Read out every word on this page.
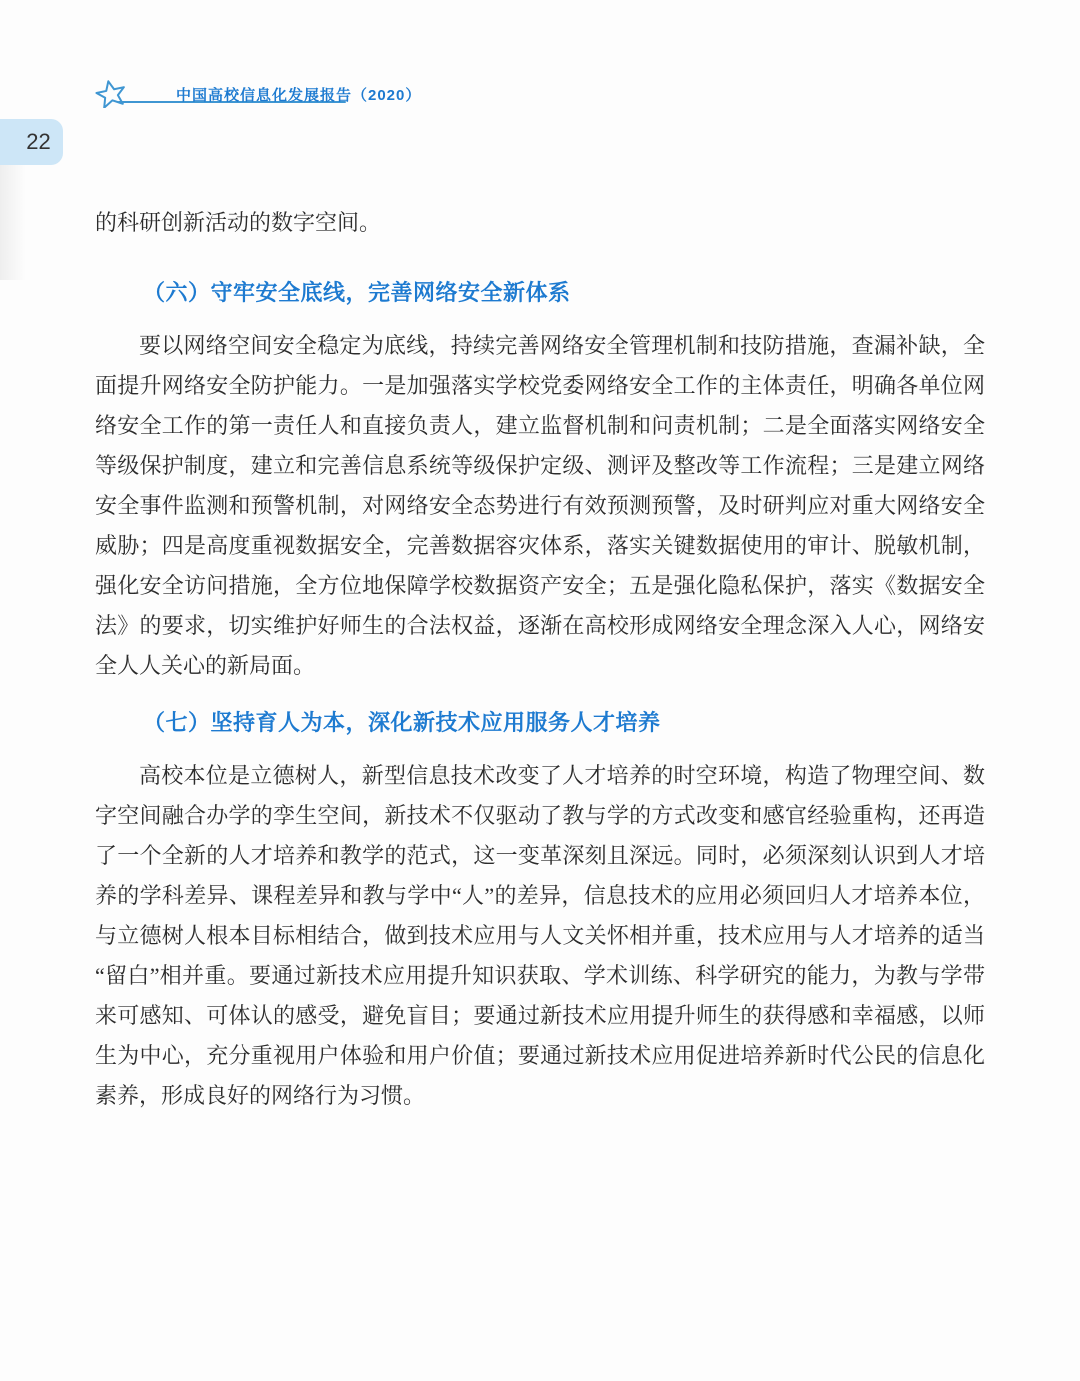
中国高校信息化发展报告（2020）
22

的科研创新活动的数字空间。

（六）守牢安全底线，完善网络安全新体系

要以网络空间安全稳定为底线，持续完善网络安全管理机制和技防措施，查漏补缺，全面提升网络安全防护能力。一是加强落实学校党委网络安全工作的主体责任，明确各单位网络安全工作的第一责任人和直接负责人，建立监督机制和问责机制；二是全面落实网络安全等级保护制度，建立和完善信息系统等级保护定级、测评及整改等工作流程；三是建立网络安全事件监测和预警机制，对网络安全态势进行有效预测预警，及时研判应对重大网络安全威胁；四是高度重视数据安全，完善数据容灾体系，落实关键数据使用的审计、脱敏机制，强化安全访问措施，全方位地保障学校数据资产安全；五是强化隐私保护，落实《数据安全法》的要求，切实维护好师生的合法权益，逐渐在高校形成网络安全理念深入人心，网络安全人人关心的新局面。

（七）坚持育人为本，深化新技术应用服务人才培养

高校本位是立德树人，新型信息技术改变了人才培养的时空环境，构造了物理空间、数字空间融合办学的孪生空间，新技术不仅驱动了教与学的方式改变和感官经验重构，还再造了一个全新的人才培养和教学的范式，这一变革深刻且深远。同时，必须深刻认识到人才培养的学科差异、课程差异和教与学中“人”的差异，信息技术的应用必须回归人才培养本位，与立德树人根本目标相结合，做到技术应用与人文关怀相并重，技术应用与人才培养的适当“留白”相并重。要通过新技术应用提升知识获取、学术训练、科学研究的能力，为教与学带来可感知、可体认的感受，避免盲目；要通过新技术应用提升师生的获得感和幸福感，以师生为中心，充分重视用户体验和用户价值；要通过新技术应用促进培养新时代公民的信息化素养，形成良好的网络行为习惯。
